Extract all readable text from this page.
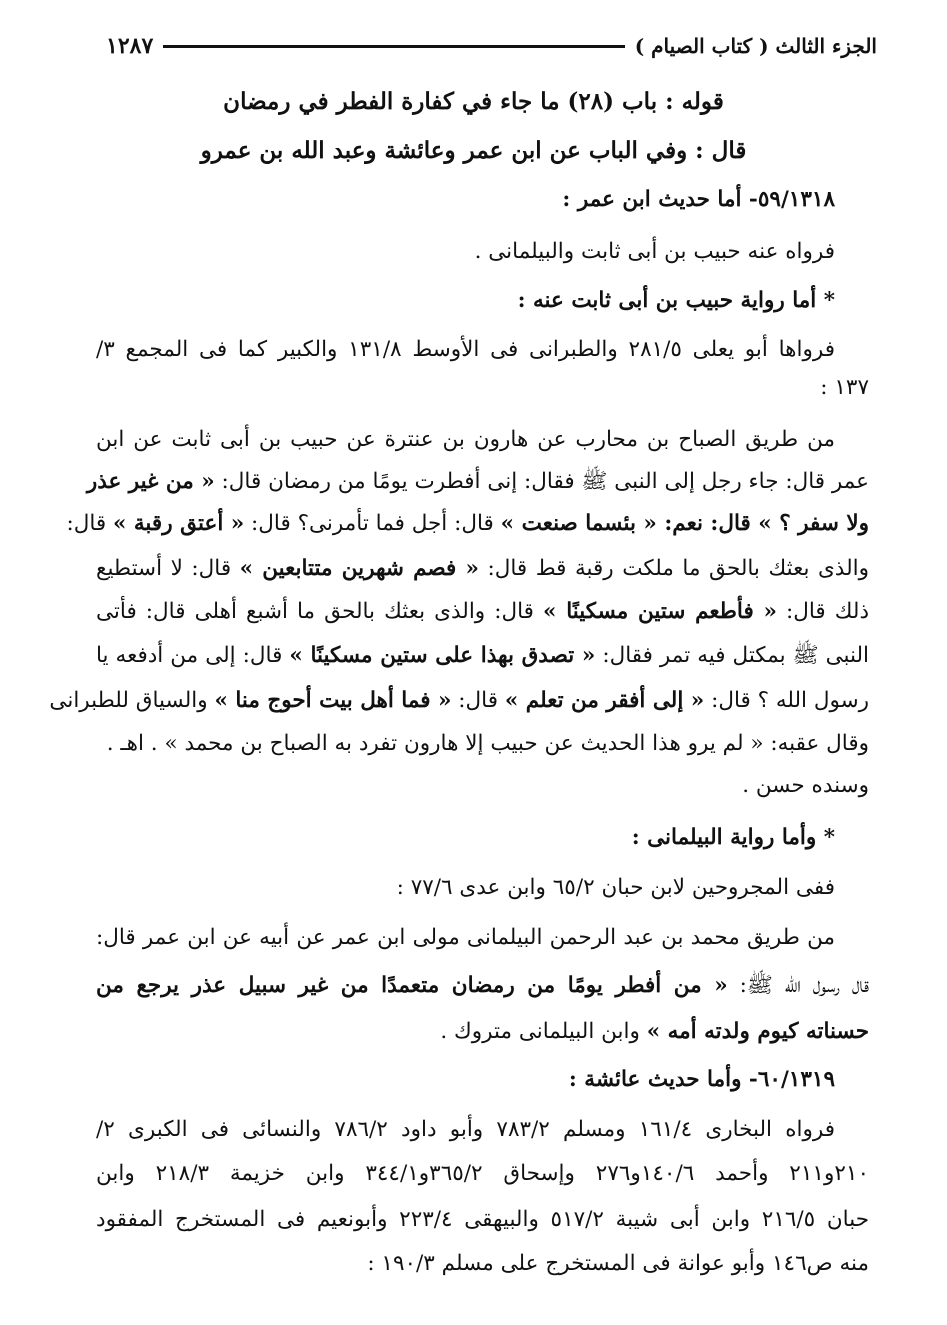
الجزء الثالث ( كتاب الصيام )
١٢٨٧
قوله : باب (٢٨) ما جاء في كفارة الفطر في رمضان
قال : وفي الباب عن ابن عمر وعائشة وعبد الله بن عمرو
٥٩/١٣١٨- أما حديث ابن عمر :
فرواه عنه حبيب بن أبى ثابت والبيلمانى .
* أما رواية حبيب بن أبى ثابت عنه :
فرواها أبو يعلى ٢٨١/٥ والطبرانى فى الأوسط ١٣١/٨ والكبير كما فى المجمع ٣/
١٣٧ :
من طريق الصباح بن محارب عن هارون بن عنترة عن حبيب بن أبى ثابت عن ابن
عمر قال: جاء رجل إلى النبى ﷺ فقال: إنى أفطرت يومًا من رمضان قال: « من غير عذر
ولا سفر ؟ » قال: نعم: « بئسما صنعت » قال: أجل فما تأمرنى؟ قال: « أعتق رقبة » قال:
والذى بعثك بالحق ما ملكت رقبة قط قال: « فصم شهرين متتابعين » قال: لا أستطيع
ذلك قال: « فأطعم ستين مسكينًا » قال: والذى بعثك بالحق ما أشبع أهلى قال: فأتى
النبى ﷺ بمكتل فيه تمر فقال: « تصدق بهذا على ستين مسكينًا » قال: إلى من أدفعه يا
رسول الله ؟ قال: « إلى أفقر من تعلم » قال: « فما أهل بيت أحوج منا » والسياق للطبرانى
وقال عقبه: « لم يرو هذا الحديث عن حبيب إلا هارون تفرد به الصباح بن محمد » . اهـ .
وسنده حسن .
* وأما رواية البيلمانى :
ففى المجروحين لابن حبان ٦٥/٢ وابن عدى ٧٧/٦ :
من طريق محمد بن عبد الرحمن البيلمانى مولى ابن عمر عن أبيه عن ابن عمر قال:
قال رسول الله ﷺ: « من أفطر يومًا من رمضان متعمدًا من غير سبيل عذر يرجع من
حسناته كيوم ولدته أمه » وابن البيلمانى متروك .
٦٠/١٣١٩- وأما حديث عائشة :
فرواه البخارى ١٦١/٤ ومسلم ٧٨٣/٢ وأبو داود ٧٨٦/٢ والنسائى فى الكبرى ٢/
٢١٠و٢١١ وأحمد ١٤٠/٦و٢٧٦ وإسحاق ٣٦٥/٢و٣٤٤/١ وابن خزيمة ٢١٨/٣ وابن
حبان ٢١٦/٥ وابن أبى شيبة ٥١٧/٢ والبيهقى ٢٢٣/٤ وأبونعيم فى المستخرج المفقود
منه ص١٤٦ وأبو عوانة فى المستخرج على مسلم ١٩٠/٣ :
